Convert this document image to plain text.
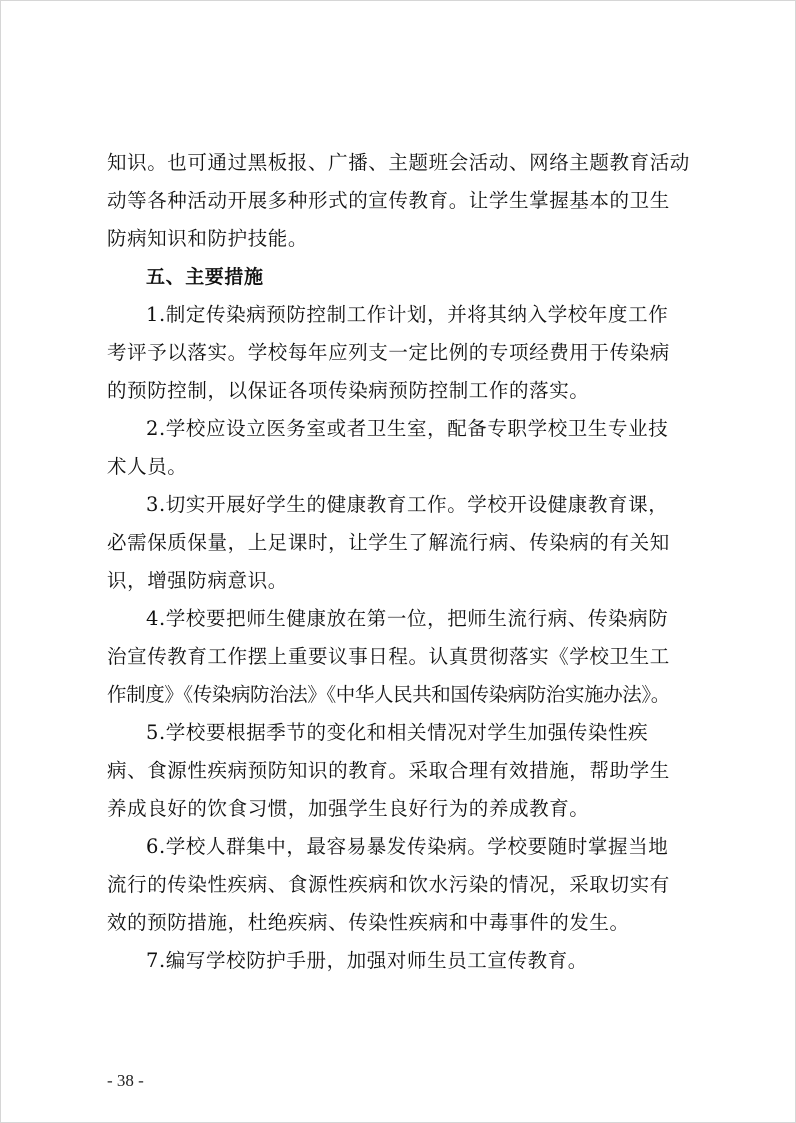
知识。也可通过黑板报、广播、主题班会活动、网络主题教育活动
动等各种活动开展多种形式的宣传教育。让学生掌握基本的卫生
防病知识和防护技能。
五、主要措施
1.制定传染病预防控制工作计划，并将其纳入学校年度工作
考评予以落实。学校每年应列支一定比例的专项经费用于传染病
的预防控制，以保证各项传染病预防控制工作的落实。
2.学校应设立医务室或者卫生室，配备专职学校卫生专业技
术人员。
3.切实开展好学生的健康教育工作。学校开设健康教育课，
必需保质保量，上足课时，让学生了解流行病、传染病的有关知
识，增强防病意识。
4.学校要把师生健康放在第一位，把师生流行病、传染病防
治宣传教育工作摆上重要议事日程。认真贯彻落实《学校卫生工
作制度》《传染病防治法》《中华人民共和国传染病防治实施办法》。
5.学校要根据季节的变化和相关情况对学生加强传染性疾
病、食源性疾病预防知识的教育。采取合理有效措施，帮助学生
养成良好的饮食习惯，加强学生良好行为的养成教育。
6.学校人群集中，最容易暴发传染病。学校要随时掌握当地
流行的传染性疾病、食源性疾病和饮水污染的情况，采取切实有
效的预防措施，杜绝疾病、传染性疾病和中毒事件的发生。
7.编写学校防护手册，加强对师生员工宣传教育。
- 38 -
